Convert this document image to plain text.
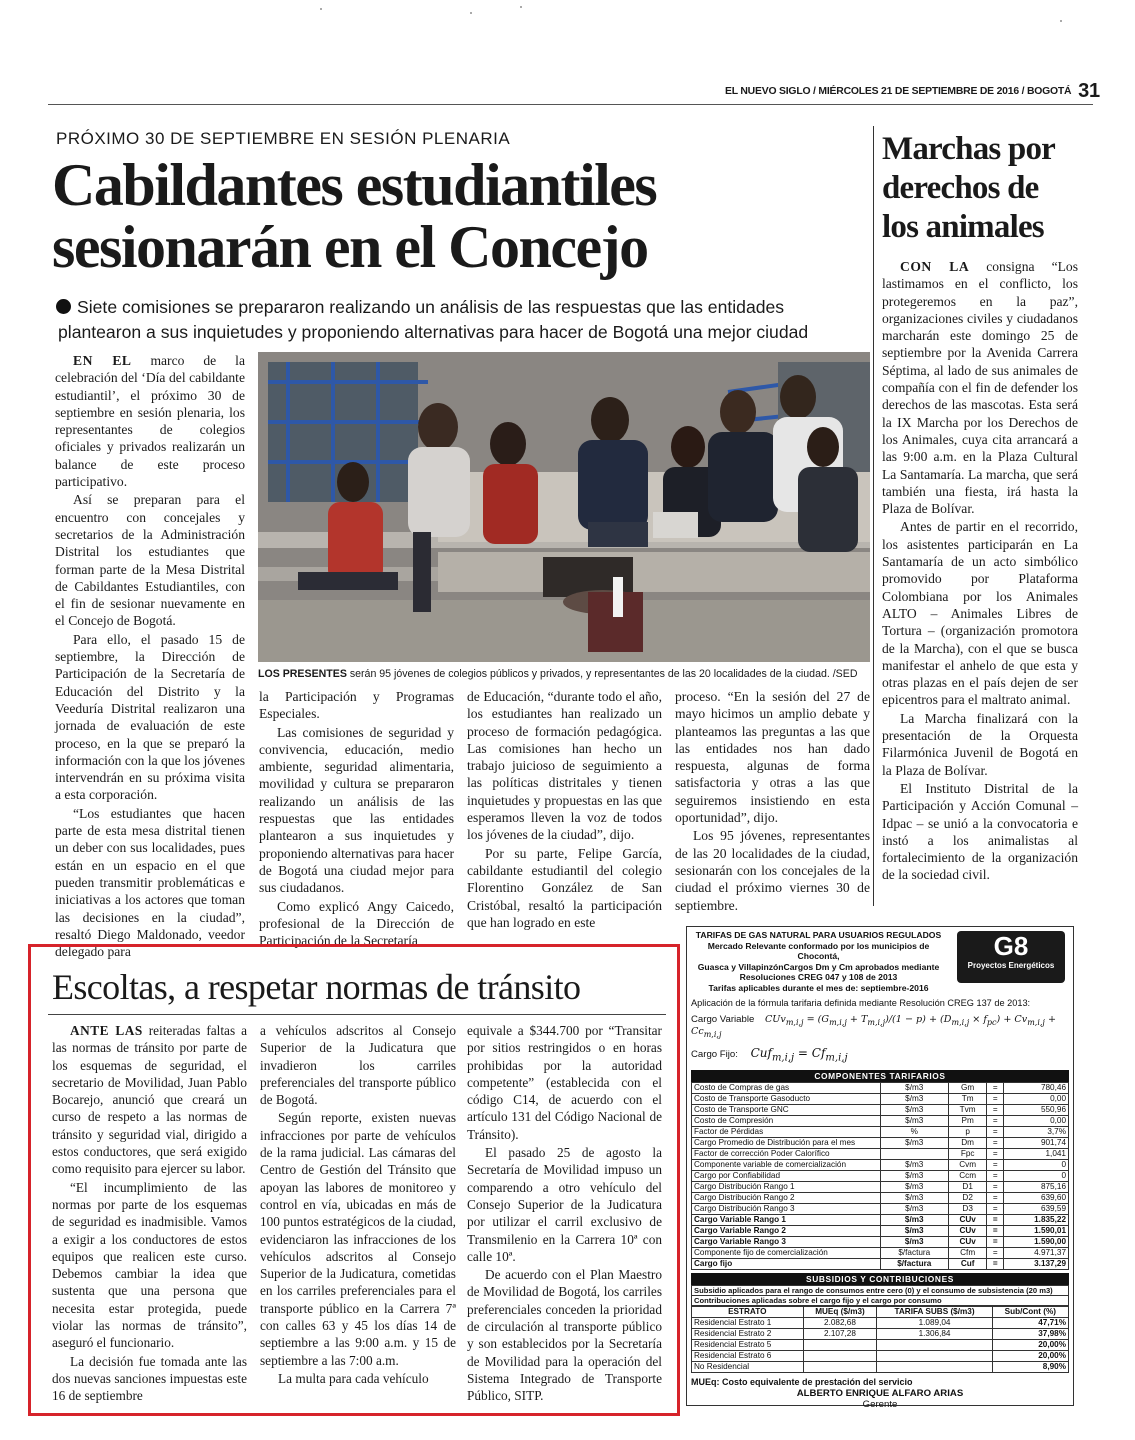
EL NUEVO SIGLO / MIÉRCOLES 21 DE SEPTIEMBRE DE 2016 / BOGOTÁ 31
PRÓXIMO 30 DE SEPTIEMBRE EN SESIÓN PLENARIA
Cabildantes estudiantiles
sesionarán en el Concejo
Siete comisiones se prepararon realizando un análisis de las respuestas que las entidades
plantearon a sus inquietudes y proponiendo alternativas para hacer de Bogotá una mejor ciudad

EN EL marco de la celebración del ‘Día del cabildante estudiantil’, el próximo 30 de septiembre en sesión plenaria, los representantes de colegios oficiales y privados realizarán un balance de este proceso participativo.

Así se preparan para el encuentro con concejales y secretarios de la Administración Distrital los estudiantes que forman parte de la Mesa Distrital de Cabildantes Estudiantiles, con el fin de sesionar nuevamente en el Concejo de Bogotá.

Para ello, el pasado 15 de septiembre, la Dirección de Participación de la Secretaría de Educación del Distrito y la Veeduría Distrital realizaron una jornada de evaluación de este proceso, en la que se preparó la información con la que los jóvenes intervendrán en su próxima visita a esta corporación.

“Los estudiantes que hacen parte de esta mesa distrital tienen un deber con sus localidades, pues están en un espacio en el que pueden transmitir problemáticas e iniciativas a los actores que toman las decisiones en la ciudad”, resaltó Diego Maldonado, veedor delegado para

LOS PRESENTES serán 95 jóvenes de colegios públicos y privados, y representantes de las 20 localidades de la ciudad. /SED

la Participación y Programas Especiales.

Las comisiones de seguridad y convivencia, educación, medio ambiente, seguridad alimentaria, movilidad y cultura se prepararon realizando un análisis de las respuestas que las entidades plantearon a sus inquietudes y proponiendo alternativas para hacer de Bogotá una ciudad mejor para sus ciudadanos.

Como explicó Angy Caicedo, profesional de la Dirección de Participación de la Secretaría

de Educación, “durante todo el año, los estudiantes han realizado un proceso de formación pedagógica. Las comisiones han hecho un trabajo juicioso de seguimiento a las políticas distritales y tienen inquietudes y propuestas en las que esperamos lleven la voz de todos los jóvenes de la ciudad”, dijo.

Por su parte, Felipe García, cabildante estudiantil del colegio Florentino González de San Cristóbal, resaltó la participación que han logrado en este

proceso. “En la sesión del 27 de mayo hicimos un amplio debate y planteamos las preguntas a las que las entidades nos han dado respuesta, algunas de forma satisfactoria y otras a las que seguiremos insistiendo en esta oportunidad”, dijo.

Los 95 jóvenes, representantes de las 20 localidades de la ciudad, sesionarán con los concejales de la ciudad el próximo viernes 30 de septiembre.

Marchas por
derechos de
los animales

CON LA consigna “Los lastimamos en el conflicto, los protegeremos en la paz”, organizaciones civiles y ciudadanos marcharán este domingo 25 de septiembre por la Avenida Carrera Séptima, al lado de sus animales de compañía con el fin de defender los derechos de las mascotas. Esta será la IX Marcha por los Derechos de los Animales, cuya cita arrancará a las 9:00 a.m. en la Plaza Cultural La Santamaría. La marcha, que será también una fiesta, irá hasta la Plaza de Bolívar.

Antes de partir en el recorrido, los asistentes participarán en La Santamaría de un acto simbólico promovido por Plataforma Colombiana por los Animales ALTO – Animales Libres de Tortura – (organización promotora de la Marcha), con el que se busca manifestar el anhelo de que esta y otras plazas en el país dejen de ser epicentros para el maltrato animal.

La Marcha finalizará con la presentación de la Orquesta Filarmónica Juvenil de Bogotá en la Plaza de Bolívar.

El Instituto Distrital de la Participación y Acción Comunal – Idpac – se unió a la convocatoria e instó a los animalistas al fortalecimiento de la organización de la sociedad civil.

Escoltas, a respetar normas de tránsito

ANTE LAS reiteradas faltas a las normas de tránsito por parte de los esquemas de seguridad, el secretario de Movilidad, Juan Pablo Bocarejo, anunció que creará un curso de respeto a las normas de tránsito y seguridad vial, dirigido a estos conductores, que será exigido como requisito para ejercer su labor.

“El incumplimiento de las normas por parte de los esquemas de seguridad es inadmisible. Vamos a exigir a los conductores de estos equipos que realicen este curso. Debemos cambiar la idea que sustenta que una persona que necesita estar protegida, puede violar las normas de tránsito”, aseguró el funcionario.

La decisión fue tomada ante las dos nuevas sanciones impuestas este 16 de septiembre

a vehículos adscritos al Consejo Superior de la Judicatura que invadieron los carriles preferenciales del transporte público de Bogotá.

Según reporte, existen nuevas infracciones por parte de vehículos de la rama judicial. Las cámaras del Centro de Gestión del Tránsito que apoyan las labores de monitoreo y control en vía, ubicadas en más de 100 puntos estratégicos de la ciudad, evidenciaron las infracciones de los vehículos adscritos al Consejo Superior de la Judicatura, cometidas en los carriles preferenciales para el transporte público en la Carrera 7ª con calles 63 y 45 los días 14 de septiembre a las 9:00 a.m. y 15 de septiembre a las 7:00 a.m.

La multa para cada vehículo

equivale a $344.700 por “Transitar por sitios restringidos o en horas prohibidas por la autoridad competente” (establecida con el código C14, de acuerdo con el artículo 131 del Código Nacional de Tránsito).

El pasado 25 de agosto la Secretaría de Movilidad impuso un comparendo a otro vehículo del Consejo Superior de la Judicatura por utilizar el carril exclusivo de Transmilenio en la Carrera 10ª con calle 10ª.

De acuerdo con el Plan Maestro de Movilidad de Bogotá, los carriles preferenciales conceden la prioridad de circulación al transporte público y son establecidos por la Secretaría de Movilidad para la operación del Sistema Integrado de Transporte Público, SITP.

TARIFAS DE GAS NATURAL PARA USUARIOS REGULADOS
Mercado Relevante conformado por los municipios de Chocontá,
Guasca y VillapinzónCargos Dm y Cm aprobados mediante
Resoluciones CREG 047 y 108 de 2013
Tarifas aplicables durante el mes de: septiembre-2016
G8
Proyectos Energéticos
Aplicación de la fórmula tarifaria definida mediante Resolución CREG 137 de 2013:
Cargo Variable $CUv_{m,i,j} = (G_{m,i,j} + T_{m,i,j})/(1 - p) + (D_{m,i,j} \times f_{pc}) + Cv_{m,i,j} + Cc_{m,i,j}$
Cargo Fijo: $Cuf_{m,i,j} = Cf_{m,i,j}$
COMPONENTES TARIFARIOS
Costo de Compras de gas	$/m3	Gm	=	780,46
Costo de Transporte Gasoducto	$/m3	Tm	=	0,00
Costo de Transporte GNC	$/m3	Tvm	=	550,96
Costo de Compresión	$/m3	Pm	=	0,00
Factor de Pérdidas	%	p	=	3,7%
Cargo Promedio de Distribución para el mes	$/m3	Dm	=	901,74
Factor de corrección Poder Calorífico		Fpc	=	1,041
Componente variable de comercialización	$/m3	Cvm	=	0
Cargo por Confiabilidad	$/m3	Ccm	=	0
Cargo Distribución Rango 1	$/m3	D1	=	875,16
Cargo Distribución Rango 2	$/m3	D2	=	639,60
Cargo Distribución Rango 3	$/m3	D3	=	639,59
Cargo Variable Rango 1	$/m3	CUv	=	1.835,22
Cargo Variable Rango 2	$/m3	CUv	=	1.590,01
Cargo Variable Rango 3	$/m3	CUv	=	1.590,00
Componente fijo de comercialización	$/factura	Cfm	=	4.971,37
Cargo fijo	$/factura	Cuf	=	3.137,29
SUBSIDIOS Y CONTRIBUCIONES
Subsidio aplicados para el rango de consumos entre cero (0) y el consumo de subsistencia (20 m3)
Contribuciones aplicadas sobre el cargo fijo y el cargo por consumo
ESTRATO	MUEq ($/m3)	TARIFA SUBS ($/m3)	Sub/Cont (%)
Residencial Estrato 1	2.082,68	1.089,04	47,71%
Residencial Estrato 2	2.107,28	1.306,84	37,98%
Residencial Estrato 5			20,00%
Residencial Estrato 6			20,00%
No Residencial			8,90%
MUEq: Costo equivalente de prestación del servicio
ALBERTO ENRIQUE ALFARO ARIAS
Gerente
